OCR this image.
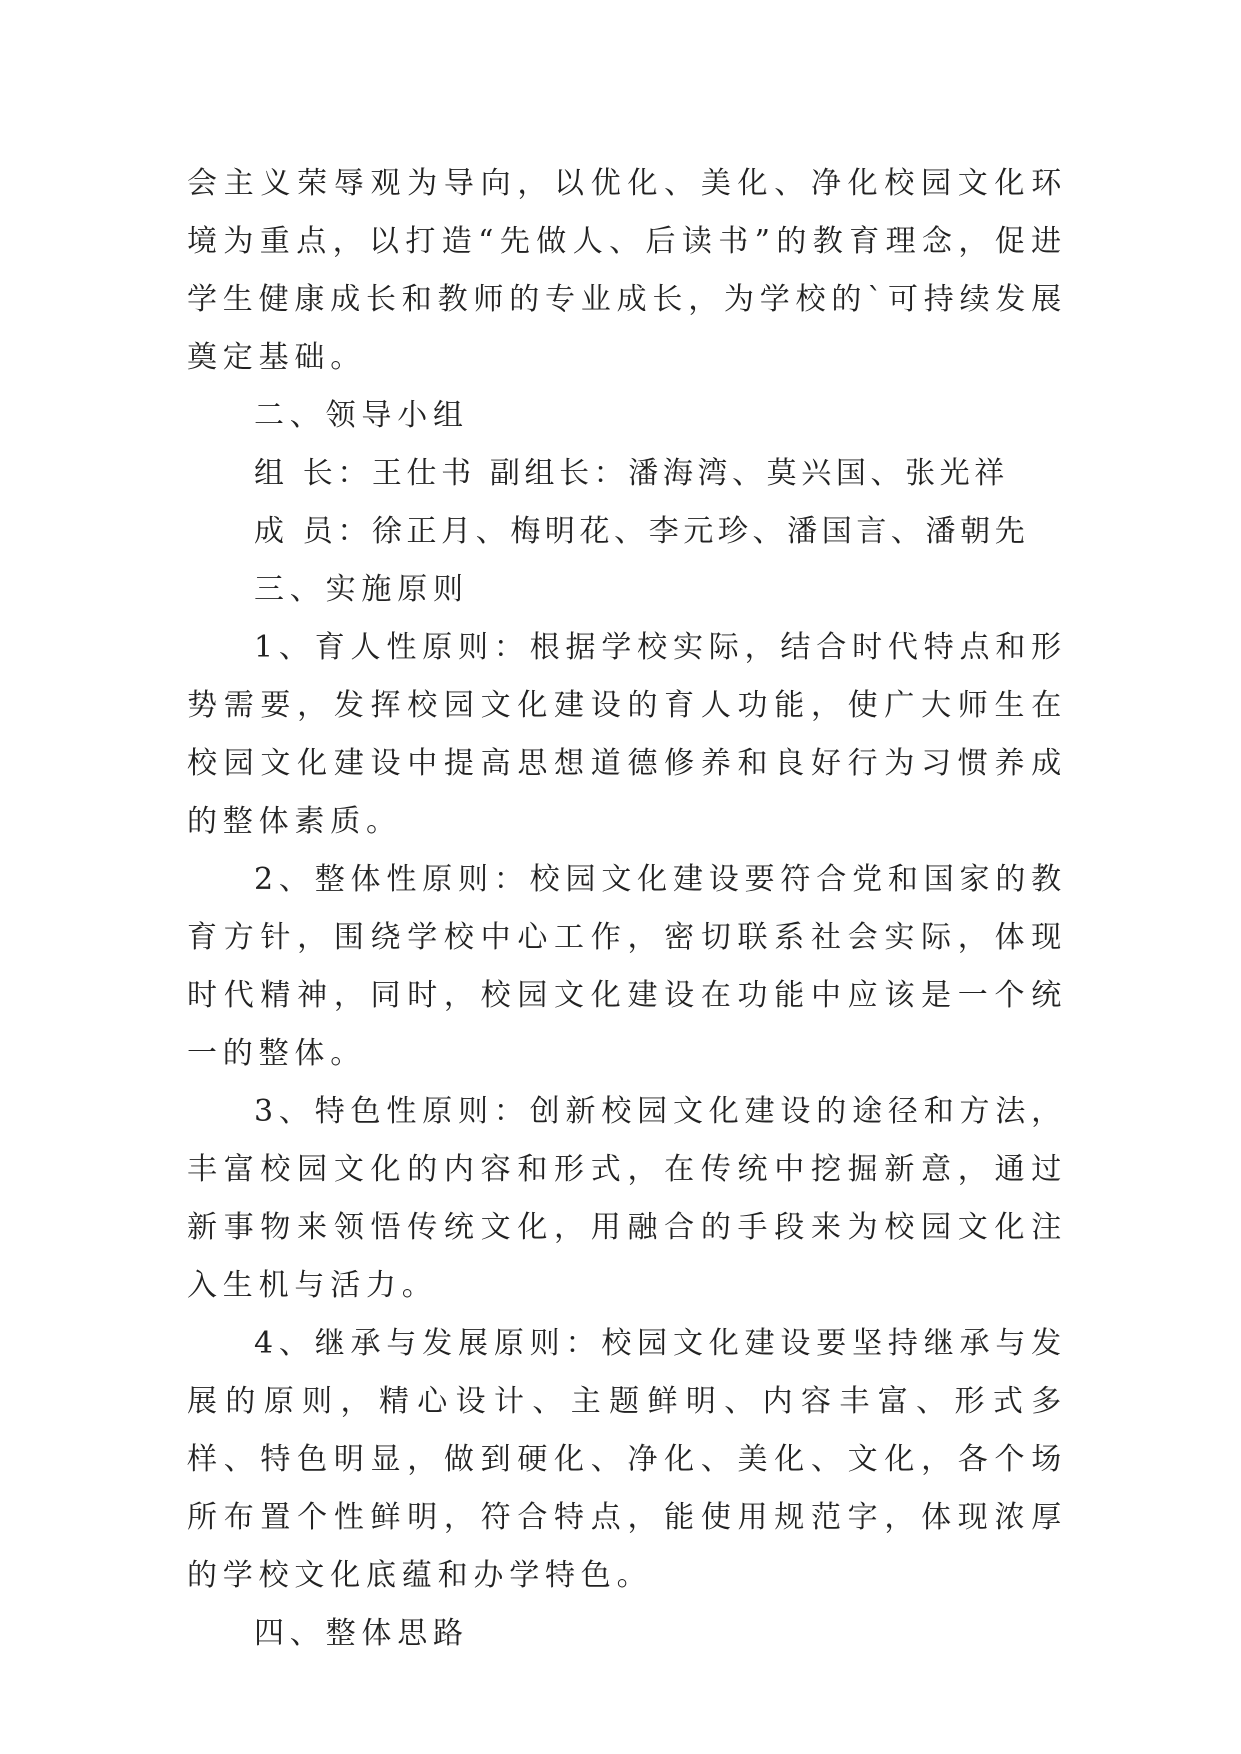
会主义荣辱观为导向，以优化、美化、净化校园文化环境为重点，以打造“先做人、后读书”的教育理念，促进学生健康成长和教师的专业成长，为学校的`可持续发展奠定基础。

二、领导小组

组 长：王仕书 副组长：潘海湾、莫兴国、张光祥

成 员：徐正月、梅明花、李元珍、潘国言、潘朝先

三、实施原则

1、育人性原则：根据学校实际，结合时代特点和形势需要，发挥校园文化建设的育人功能，使广大师生在校园文化建设中提高思想道德修养和良好行为习惯养成的整体素质。

2、整体性原则：校园文化建设要符合党和国家的教育方针，围绕学校中心工作，密切联系社会实际，体现时代精神，同时，校园文化建设在功能中应该是一个统一的整体。

3、特色性原则：创新校园文化建设的途径和方法，丰富校园文化的内容和形式，在传统中挖掘新意，通过新事物来领悟传统文化，用融合的手段来为校园文化注入生机与活力。

4、继承与发展原则：校园文化建设要坚持继承与发展的原则，精心设计、主题鲜明、内容丰富、形式多样、特色明显，做到硬化、净化、美化、文化，各个场所布置个性鲜明，符合特点，能使用规范字，体现浓厚的学校文化底蕴和办学特色。

四、整体思路
